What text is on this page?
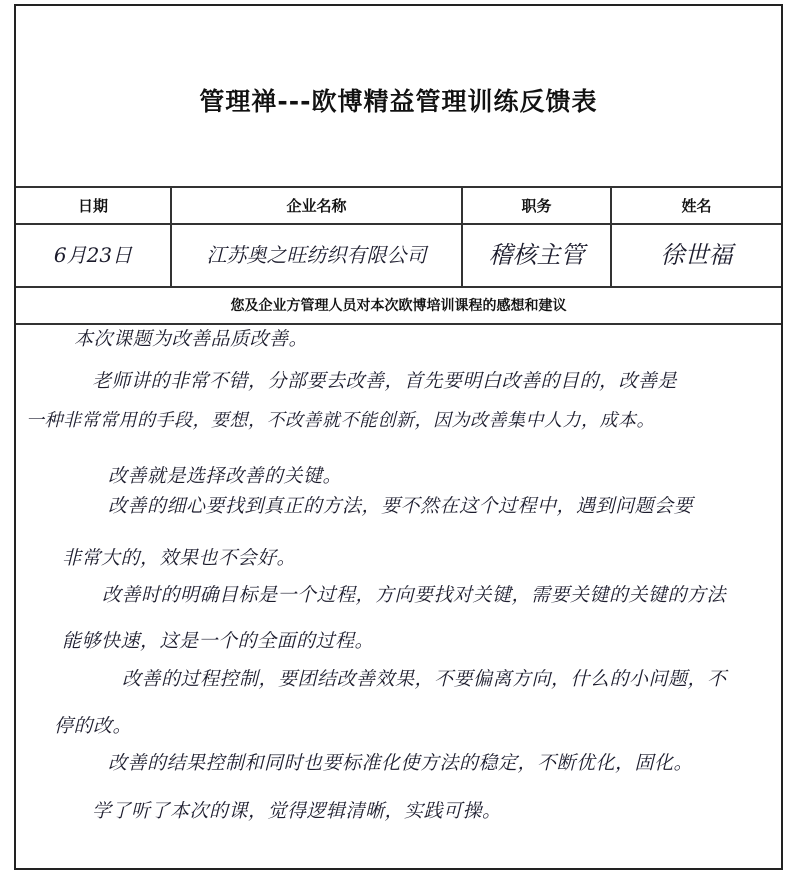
管理禅---欧博精益管理训练反馈表
日期	企业名称	职务	姓名
6月23日	江苏奥之旺纺织有限公司	稽核主管	徐世福
您及企业方管理人员对本次欧博培训课程的感想和建议
本次课题为改善品质改善。
老师讲的非常不错，分部要去改善，首先要明白改善的目的，改善是
一种非常常用的手段，要想，不改善就不能创新，因为改善集中人力，成本。
改善就是选择改善的关键。
改善的细心要找到真正的方法，要不然在这个过程中，遇到问题会要
非常大的，效果也不会好。
改善时的明确目标是一个过程，方向要找对关键，需要关键的关键的方法
能够快速，这是一个的全面的过程。
改善的过程控制，要团结改善效果，不要偏离方向，什么的小问题，不
停的改。
改善的结果控制和同时也要标准化使方法的稳定，不断优化，固化。
学了听了本次的课，觉得逻辑清晰，实践可操。
